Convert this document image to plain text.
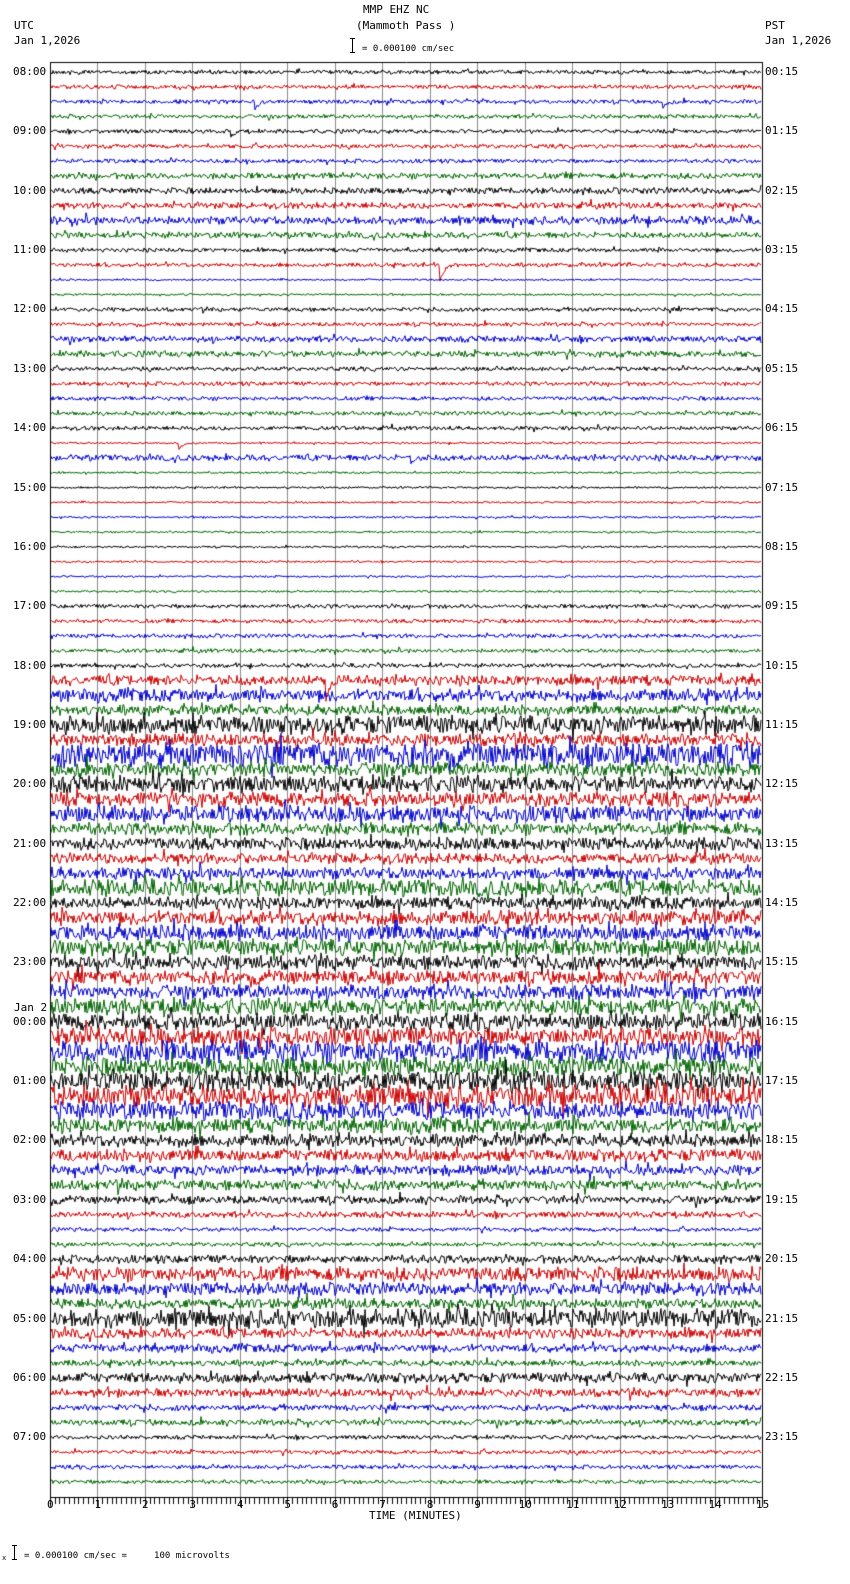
08:00
09:00
10:00
11:00
12:00
13:00
14:00
15:00
16:00
17:00
18:00
19:00
20:00
21:00
22:00
23:00
00:00
01:00
02:00
03:00
04:00
05:00
06:00
07:00
00:15
01:15
02:15
03:15
04:15
05:15
06:15
07:15
08:15
09:15
10:15
11:15
12:15
13:15
14:15
15:15
16:15
17:15
18:15
19:15
20:15
21:15
22:15
23:15
Jan 2
0	1	2	3	4	5	6	7	8	9	10	11	12	13	14	15
TIME (MINUTES)
x = 0.000100 cm/sec =     100 microvolts
